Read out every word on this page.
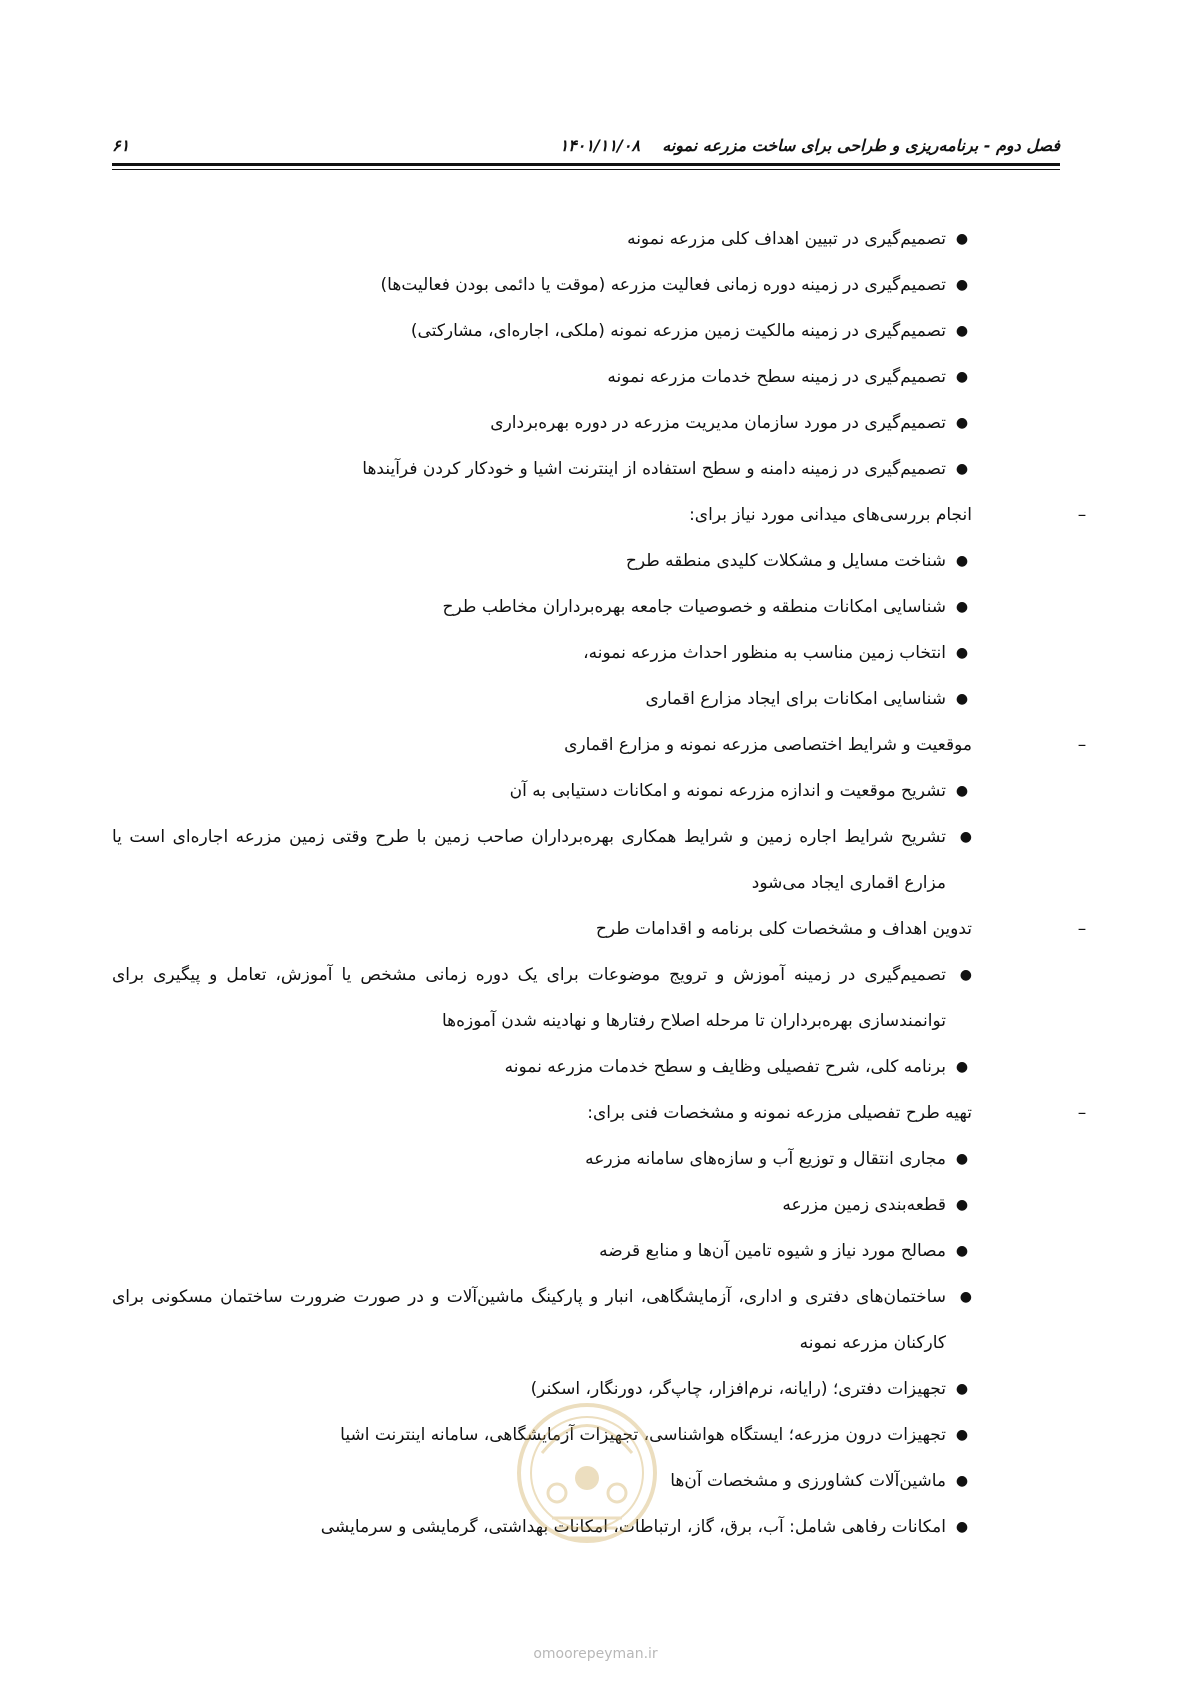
فصل دوم - برنامه‌ریزی و طراحی برای ساخت مزرعه نمونه
۱۴۰۱/۱۱/۰۸
۶۱
●
تصمیم‌گیری در تبیین اهداف کلی مزرعه نمونه
●
تصمیم‌گیری در زمینه دوره زمانی فعالیت مزرعه (موقت یا دائمی بودن فعالیت‌ها)
●
تصمیم‌گیری در زمینه مالکیت زمین مزرعه نمونه (ملکی، اجاره‌ای، مشارکتی)
●
تصمیم‌گیری در زمینه سطح خدمات مزرعه نمونه
●
تصمیم‌گیری در مورد سازمان مدیریت مزرعه در دوره بهره‌برداری
●
تصمیم‌گیری در زمینه دامنه و سطح استفاده از اینترنت اشیا و خودکار کردن فرآیندها
–
انجام بررسی‌های میدانی مورد نیاز برای:
●
شناخت مسایل و مشکلات کلیدی منطقه طرح
●
شناسایی امکانات منطقه و خصوصیات جامعه بهره‌برداران مخاطب طرح
●
انتخاب زمین مناسب به منظور احداث مزرعه نمونه،
●
شناسایی امکانات برای ایجاد مزارع اقماری
–
موقعیت و شرایط اختصاصی مزرعه نمونه و مزارع اقماری
●
تشریح موقعیت و اندازه مزرعه نمونه و امکانات دستیابی به آن
●
تشریح شرایط اجاره زمین و شرایط همکاری بهره‌برداران صاحب زمین با طرح وقتی زمین مزرعه اجاره‌ای است یا مزارع اقماری ایجاد می‌شود
–
تدوین اهداف و مشخصات کلی برنامه و اقدامات طرح
●
تصمیم‌گیری در زمینه آموزش و ترویج موضوعات برای یک دوره زمانی مشخص یا آموزش، تعامل و پیگیری برای توانمندسازی بهره‌برداران تا مرحله اصلاح رفتارها و نهادینه شدن آموزه‌ها
●
برنامه کلی، شرح تفصیلی وظایف و سطح خدمات مزرعه نمونه
–
تهیه طرح تفصیلی مزرعه نمونه و مشخصات فنی برای:
●
مجاری انتقال و توزیع آب و سازه‌های سامانه مزرعه
●
قطعه‌بندی زمین مزرعه
●
مصالح مورد نیاز و شیوه تامین آن‌ها و منابع قرضه
●
ساختمان‌های دفتری و اداری، آزمایشگاهی، انبار و پارکینگ ماشین‌آلات و در صورت ضرورت ساختمان مسکونی برای کارکنان مزرعه نمونه
●
تجهیزات دفتری؛ (رایانه، نرم‌افزار، چاپ‌گر، دورنگار، اسکنر)
●
تجهیزات درون مزرعه؛ ایستگاه هواشناسی، تجهیزات آزمایشگاهی، سامانه اینترنت اشیا
●
ماشین‌آلات کشاورزی و مشخصات آن‌ها
●
امکانات رفاهی شامل: آب، برق، گاز، ارتباطات، امکانات بهداشتی، گرمایشی و سرمایشی
omoorepeyman.ir
